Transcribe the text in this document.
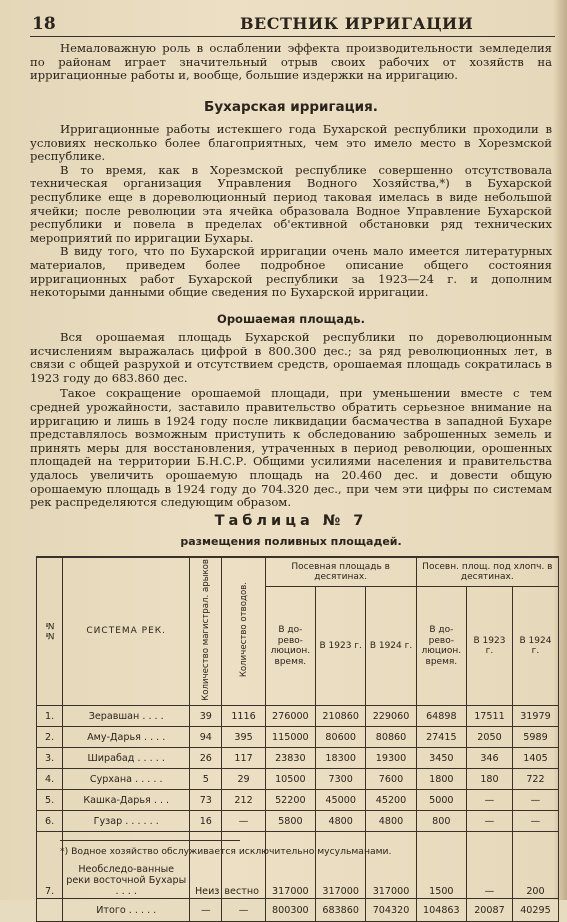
18	ВЕСТНИК ИРРИГАЦИИ

Немаловажную роль в ослаблении эффекта производительности земледелия по районам играет значительный отрыв своих рабочих от хозяйств на ирригационные работы и, вообще, большие издержки на ирригацию.

Бухарская ирригация.

Ирригационные работы истекшего года Бухарской республики проходили в условиях несколько более благоприятных, чем это имело место в Хорезмской республике.

В то время, как в Хорезмской республике совершенно отсутствовала техническая организация Управления Водного Хозяйства,*) в Бухарской республике еще в дореволюционный период таковая имелась в виде небольшой ячейки; после революции эта ячейка образовала Водное Управление Бухарской республики и повела в пределах об'ективной обстановки ряд технических мероприятий по ирригации Бухары.

В виду того, что по Бухарской ирригации очень мало имеется литературных материалов, приведем более подробное описание общего состояния ирригационных работ Бухарской республики за 1923—24 г. и дополним некоторыми данными общие сведения по Бухарской ирригации.

Орошаемая площадь.

Вся орошаемая площадь Бухарской республики по дореволюционным исчислениям выражалась цифрой в 800.300 дес.; за ряд революционных лет, в связи с общей разрухой и отсутствием средств, орошаемая площадь сократилась в 1923 году до 683.860 дес.

Такое сокращение орошаемой площади, при уменьшении вместе с тем средней урожайности, заставило правительство обратить серьезное внимание на ирригацию и лишь в 1924 году после ликвидации басмачества в западной Бухаре представлялось возможным приступить к обследованию заброшенных земель и принять меры для восстановления, утраченных в период революции, орошенных площадей на территории Б.Н.С.Р. Общими усилиями населения и правительства удалось увеличить орошаемую площадь на 20.460 дес. и довести общую орошаемую площадь в 1924 году до 704.320 дес., при чем эти цифры по системам рек распределяются следующим образом.

Таблица № 7
размещения поливных площадей.
№№	СИСТЕМА РЕК.	Количество магистрал. арыков	Количество отводов.	Посевная площадь в десятинах.			Посевн. площ. под хлопч. в десятинах.		
				В до-рево-люцион. время.	В 1923 г.	В 1924 г.	В до-рево-люцион. время.	В 1923 г.	В 1924 г.
1.	Зеравшан . . . .	39	1116	276000	210860	229060	64898	17511	31979
2.	Аму-Дарья . . . .	94	395	115000	80600	80860	27415	2050	5989
3.	Ширабад . . . . .	26	117	23830	18300	19300	3450	346	1405
4.	Сурхана . . . . .	5	29	10500	7300	7600	1800	180	722
5.	Кашка-Дарья . . .	73	212	52200	45000	45200	5000	—	—
6.	Гузар . . . . . .	16	—	5800	4800	4800	800	—	—
7.	Необследо-ванные реки восточной Бухары . . . .	Неиз	вестно	317000	317000	317000	1500	—	200
	Итого . . . . .	—	—	800300	683860	704320	104863	20087	40295
*) Водное хозяйство обслуживается исключительно мусульманами.
